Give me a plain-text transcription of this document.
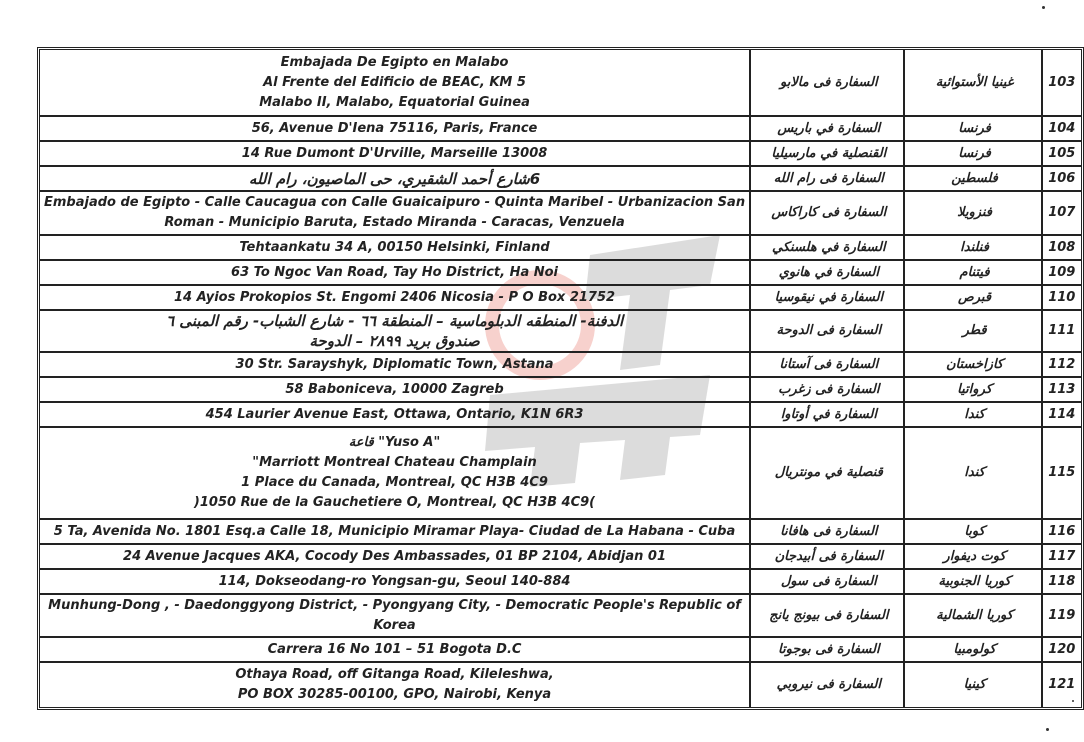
Embajada De Egipto en Malabo
Al Frente del Edificio de BEAC, KM 5
Malabo II, Malabo, Equatorial Guinea	السفارة فى مالابو	غينيا الأستوائية	103

56, Avenue D'Iena 75116, Paris, France	السفارة في باريس	فرنسا	104

14 Rue Dumont D'Urville, Marseille 13008	القنصلية في مارسيليا	فرنسا	105

6شارع أحمد الشقيري، حى الماصيون، رام الله	السفارة فى رام الله	فلسطين	106

Embajado de Egipto - Calle Caucagua con Calle Guaicaipuro - Quinta Maribel - Urbanizacion San
Roman - Municipio Baruta, Estado Miranda - Caracas, Venzuela	السفارة فى كاراكاس	فنزويلا	107

Tehtaankatu 34 A, 00150 Helsinki, Finland	السفارة في هلسنكي	فنلندا	108

63 To Ngoc Van Road, Tay Ho District, Ha Noi	السفارة في هانوي	فيتنام	109

14 Ayios Prokopios St. Engomi 2406 Nicosia - P O Box 21752	السفارة في نيقوسيا	قبرص	110

الدفنة- المنطقه الدبلوماسية – المنطقة ٦٦ - شارع الشباب- رقم المبنى ٦
صندوق بريد ٢٨٩٩ – الدوحة	السفارة فى الدوحة	قطر	111

30 Str. Sarayshyk, Diplomatic Town, Astana	السفارة فى آستانا	كازاخستان	112

58 Baboniceva, 10000 Zagreb	السفارة فى زغرب	كرواتيا	113

454 Laurier Avenue East, Ottawa, Ontario, K1N 6R3	السفارة في أوتاوا	كندا	114

قاعة "Yuso A"
"Marriott Montreal Chateau Champlain
1 Place du Canada, Montreal, QC H3B 4C9
)1050 Rue de la Gauchetiere O, Montreal, QC H3B 4C9(	قنصلية في مونتريال	كندا	115

5 Ta, Avenida No. 1801 Esq.a Calle 18, Municipio Miramar Playa- Ciudad de La Habana - Cuba	السفارة فى هافانا	كوبا	116

24 Avenue Jacques AKA, Cocody Des Ambassades, 01 BP 2104, Abidjan 01	السفارة فى أبيدجان	كوت ديفوار	117

114, Dokseodang-ro Yongsan-gu, Seoul 140-884	السفارة فى سول	كوريا الجنوبية	118

Munhung-Dong , - Daedonggyong District, - Pyongyang City, - Democratic People's Republic of
Korea	السفارة فى بيونج يانج	كوريا الشمالية	119

Carrera 16 No 101 – 51 Bogota D.C	السفارة فى بوجوتا	كولومبيا	120

Othaya Road, off Gitanga Road, Kileleshwa,
PO BOX 30285-00100, GPO, Nairobi, Kenya	السفارة فى نيروبي	كينيا	121
